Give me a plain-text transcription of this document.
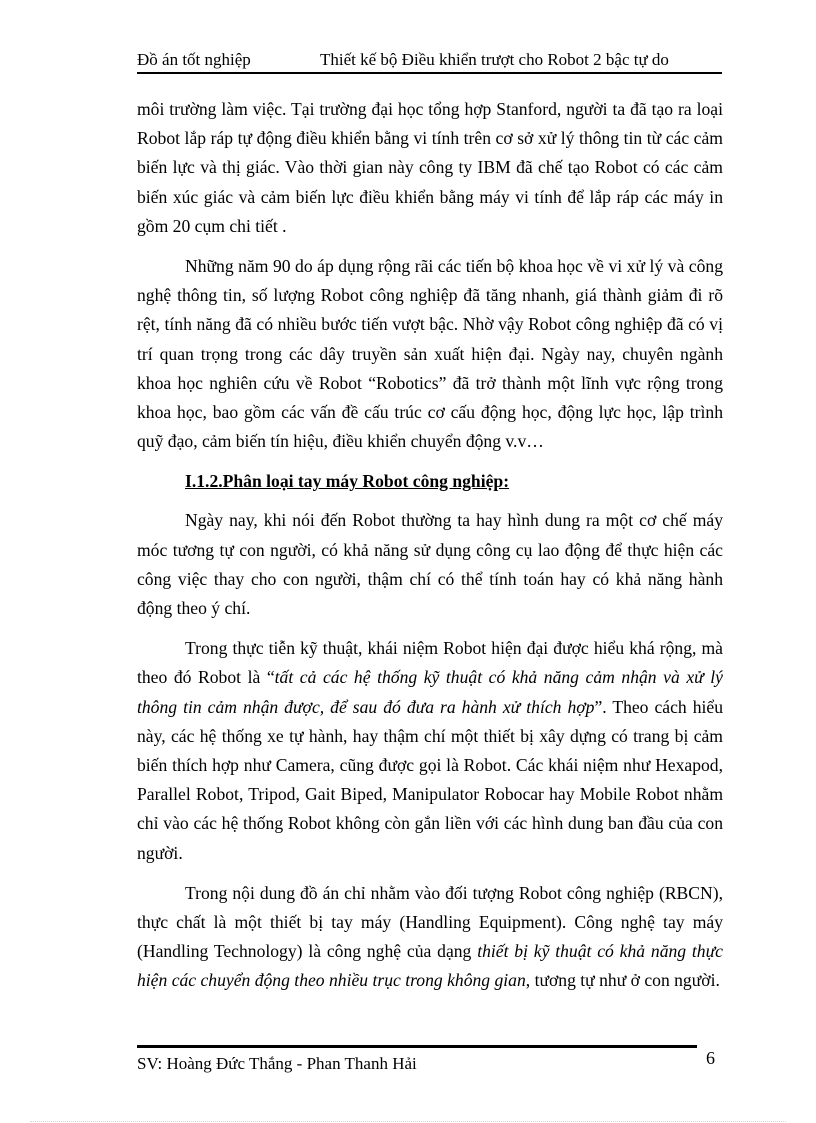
Đồ án tốt nghiệp	Thiết kế bộ Điều khiển trượt cho Robot 2 bậc tự do

môi trường làm việc. Tại trường đại học tổng hợp Stanford, người ta đã tạo ra loại Robot lắp ráp tự động điều khiển bằng vi tính trên cơ sở xử lý thông tin từ các cảm biến lực và thị giác. Vào thời gian này công ty IBM đã chế tạo Robot có các cảm biến xúc giác và cảm biến lực điều khiển bằng máy vi tính để lắp ráp các máy in gồm 20 cụm chi tiết .

Những năm 90 do áp dụng rộng rãi các tiến bộ khoa học về vi xử lý và công nghệ thông tin, số lượng Robot công nghiệp đã tăng nhanh, giá thành giảm đi rõ rệt, tính năng đã có nhiều bước tiến vượt bậc. Nhờ vậy Robot công nghiệp đã có vị trí quan trọng trong các dây truyền sản xuất hiện đại. Ngày nay, chuyên ngành khoa học nghiên cứu về Robot “Robotics” đã trở thành một lĩnh vực rộng trong khoa học, bao gồm các vấn đề cấu trúc cơ cấu động học, động lực học, lập trình quỹ đạo, cảm biến tín hiệu, điều khiển chuyển động v.v…

I.1.2.Phân loại tay máy Robot công nghiệp:

Ngày nay, khi nói đến Robot thường ta hay hình dung ra một cơ chế máy móc tương tự con người, có khả năng sử dụng công cụ lao động để thực hiện các công việc thay cho con người, thậm chí có thể tính toán hay có khả năng hành động theo ý chí.

Trong thực tiễn kỹ thuật, khái niệm Robot hiện đại được hiểu khá rộng, mà theo đó Robot là “tất cả các hệ thống kỹ thuật có khả năng cảm nhận và xử lý thông tin cảm nhận được, để sau đó đưa ra hành xử thích hợp”. Theo cách hiểu này, các hệ thống xe tự hành, hay thậm chí một thiết bị xây dựng có trang bị cảm biến thích hợp như Camera, cũng được gọi là Robot. Các khái niệm như Hexapod, Parallel Robot, Tripod, Gait Biped, Manipulator Robocar hay Mobile Robot nhằm chỉ vào các hệ thống Robot không còn gắn liền với các hình dung ban đầu của con người.

Trong nội dung đồ án chỉ nhằm vào đối tượng Robot công nghiệp (RBCN), thực chất là một thiết bị tay máy (Handling Equipment). Công nghệ tay máy (Handling Technology) là công nghệ của dạng thiết bị kỹ thuật có khả năng thực hiện các chuyển động theo nhiều trục trong không gian, tương tự như ở con người.

SV: Hoàng Đức Thắng - Phan Thanh Hải	6
